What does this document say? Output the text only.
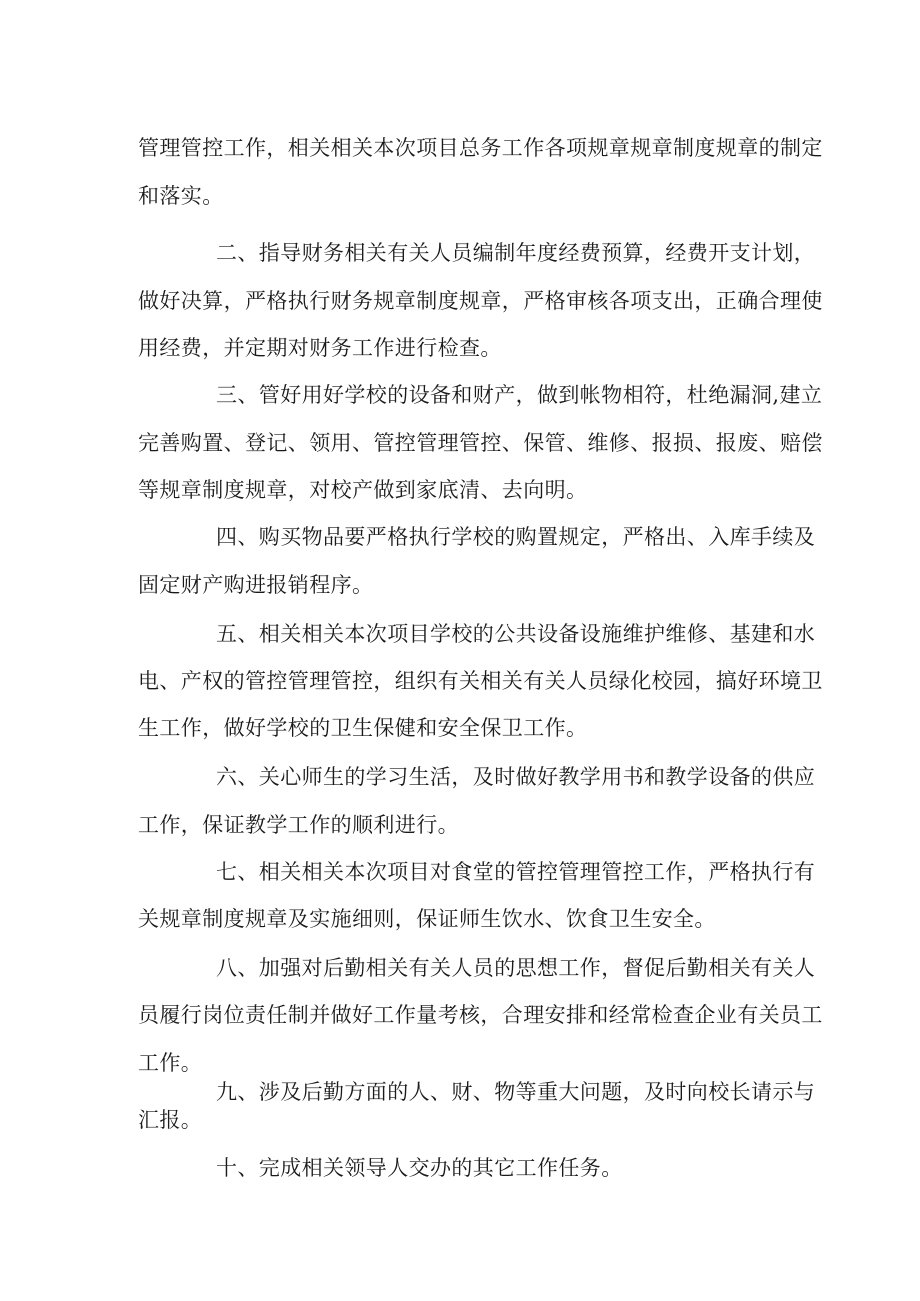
管理管控工作，相关相关本次项目总务工作各项规章规章制度规章的制定
和落实。
二、指导财务相关有关人员编制年度经费预算，经费开支计划，
做好决算，严格执行财务规章制度规章，严格审核各项支出，正确合理使
用经费，并定期对财务工作进行检查。
三、管好用好学校的设备和财产，做到帐物相符，杜绝漏洞,建立
完善购置、登记、领用、管控管理管控、保管、维修、报损、报废、赔偿
等规章制度规章，对校产做到家底清、去向明。
四、购买物品要严格执行学校的购置规定，严格出、入库手续及
固定财产购进报销程序。
五、相关相关本次项目学校的公共设备设施维护维修、基建和水
电、产权的管控管理管控，组织有关相关有关人员绿化校园，搞好环境卫
生工作，做好学校的卫生保健和安全保卫工作。
六、关心师生的学习生活，及时做好教学用书和教学设备的供应
工作，保证教学工作的顺利进行。
七、相关相关本次项目对食堂的管控管理管控工作，严格执行有
关规章制度规章及实施细则，保证师生饮水、饮食卫生安全。
八、加强对后勤相关有关人员的思想工作，督促后勤相关有关人
员履行岗位责任制并做好工作量考核，合理安排和经常检查企业有关员工
工作。
九、涉及后勤方面的人、财、物等重大问题，及时向校长请示与
汇报。
十、完成相关领导人交办的其它工作任务。
